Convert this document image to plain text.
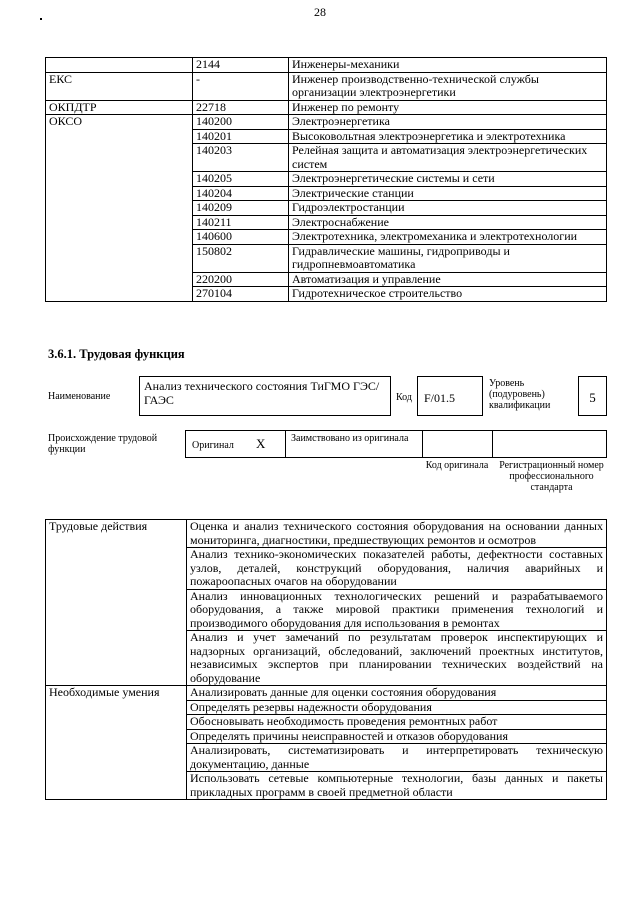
28
	2144	Инженеры-механики
ЕКС	-	Инженер производственно-технической службы организации электроэнергетики
ОКПДТР	22718	Инженер по ремонту
ОКСО	140200	Электроэнергетика
	140201	Высоковольтная электроэнергетика и электротехника
	140203	Релейная защита и автоматизация электроэнергетических систем
	140205	Электроэнергетические системы и сети
	140204	Электрические станции
	140209	Гидроэлектростанции
	140211	Электроснабжение
	140600	Электротехника, электромеханика и электротехнологии
	150802	Гидравлические машины, гидроприводы и гидропневмоавтоматика
	220200	Автоматизация и управление
	270104	Гидротехническое строительство
3.6.1. Трудовая функция
Наименование
Анализ технического состояния ТиГМО ГЭС/ГАЭС	Код	F/01.5
Уровень (подуровень) квалификации
5
Происхождение трудовой функции	Оригинал X	Заимствовано из оригинала
Код оригинала	Регистрационный номер профессионального стандарта
Трудовые действия	Оценка и анализ технического состояния оборудования на основании данных мониторинга, диагностики, предшествующих ремонтов и осмотров
	Анализ технико-экономических показателей работы, дефектности составных узлов, деталей, конструкций оборудования, наличия аварийных и пожароопасных очагов на оборудовании
	Анализ инновационных технологических решений и разрабатываемого оборудования, а также мировой практики применения технологий и производимого оборудования для использования в ремонтах
	Анализ и учет замечаний по результатам проверок инспектирующих и надзорных организаций, обследований, заключений проектных институтов, независимых экспертов при планировании технических воздействий на оборудование
Необходимые умения	Анализировать данные для оценки состояния оборудования
	Определять резервы надежности оборудования
	Обосновывать необходимость проведения ремонтных работ
	Определять причины неисправностей и отказов оборудования
	Анализировать, систематизировать и интерпретировать техническую документацию, данные
	Использовать сетевые компьютерные технологии, базы данных и пакеты прикладных программ в своей предметной области
